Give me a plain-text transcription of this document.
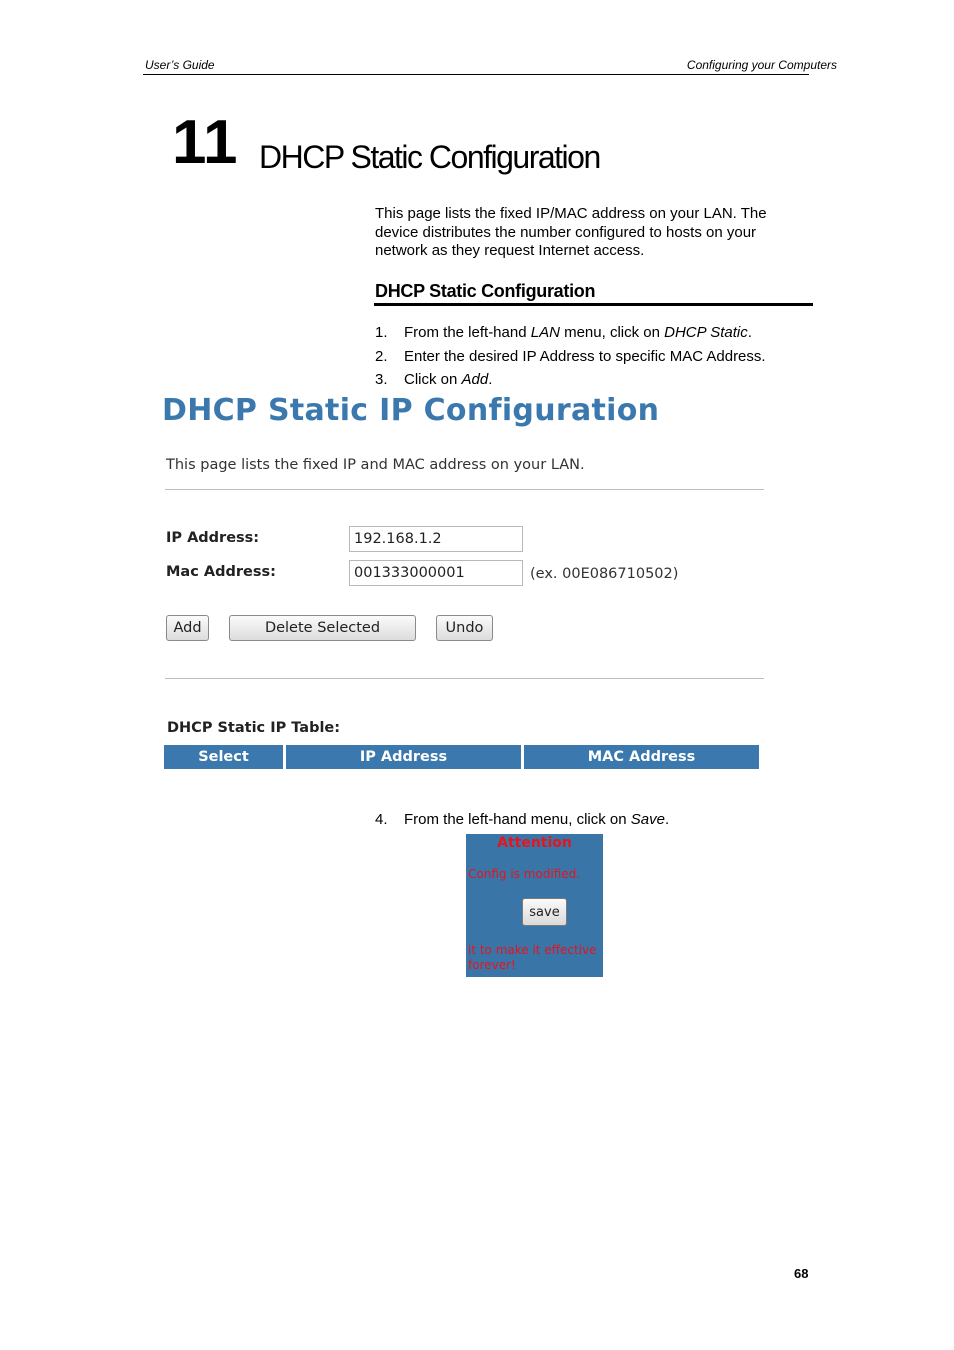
User’s Guide	Configuring your Computers
11 DHCP Static Configuration
This page lists the fixed IP/MAC address on your LAN. The device distributes the number configured to hosts on your network as they request Internet access.
DHCP Static Configuration
1. From the left-hand LAN menu, click on DHCP Static.
2. Enter the desired IP Address to specific MAC Address.
3. Click on Add.
DHCP Static IP Configuration
This page lists the fixed IP and MAC address on your LAN.
IP Address:
192.168.1.2
Mac Address:
001333000001	(ex. 00E086710502)
Add	Delete Selected	Undo
DHCP Static IP Table:
Select	IP Address	MAC Address
4. From the left-hand menu, click on Save.
Attention
Config is modified.
save
it to make it effective forever!
68
